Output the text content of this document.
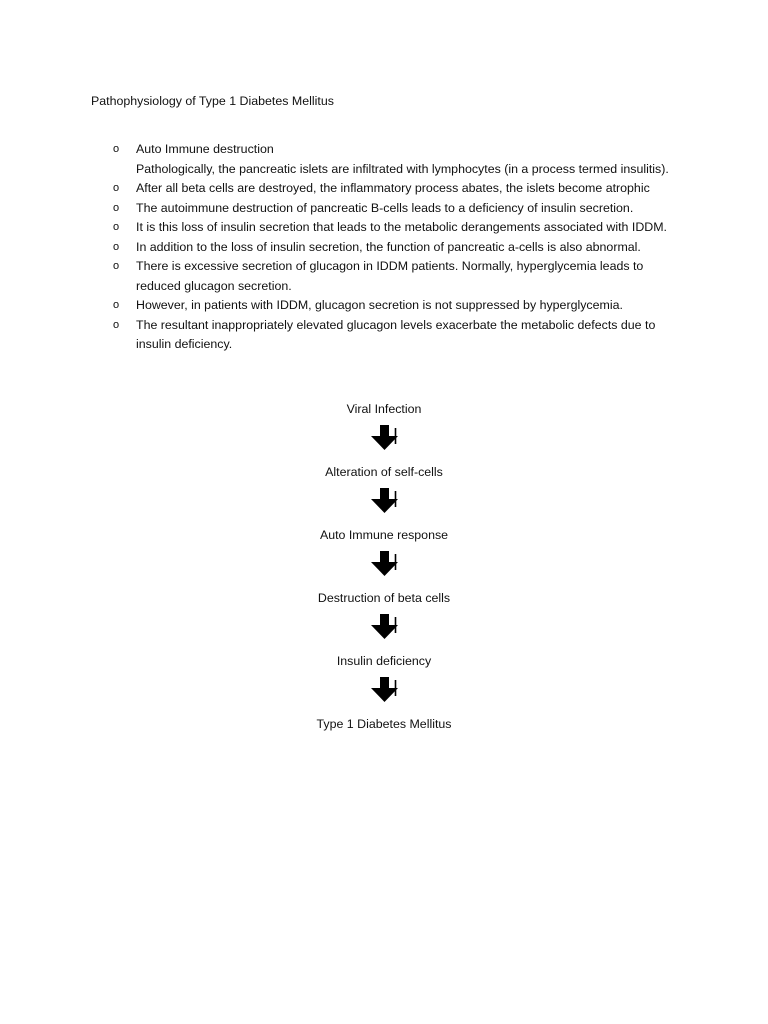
Pathophysiology of Type 1 Diabetes Mellitus
o Auto Immune destruction
Pathologically, the pancreatic islets are infiltrated with lymphocytes (in a process termed insulitis).
o After all beta cells are destroyed, the inflammatory process abates, the islets become atrophic
o The autoimmune destruction of pancreatic B-cells leads to a deficiency of insulin secretion.
o It is this loss of insulin secretion that leads to the metabolic derangements associated with IDDM.
o In addition to the loss of insulin secretion, the function of pancreatic a-cells is also abnormal.
o There is excessive secretion of glucagon in IDDM patients. Normally, hyperglycemia leads to reduced glucagon secretion.
o However, in patients with IDDM, glucagon secretion is not suppressed by hyperglycemia.
o The resultant inappropriately elevated glucagon levels exacerbate the metabolic defects due to insulin deficiency.
Viral Infection
Alteration of self-cells
Auto Immune response
Destruction of beta cells
Insulin deficiency
Type 1 Diabetes Mellitus
